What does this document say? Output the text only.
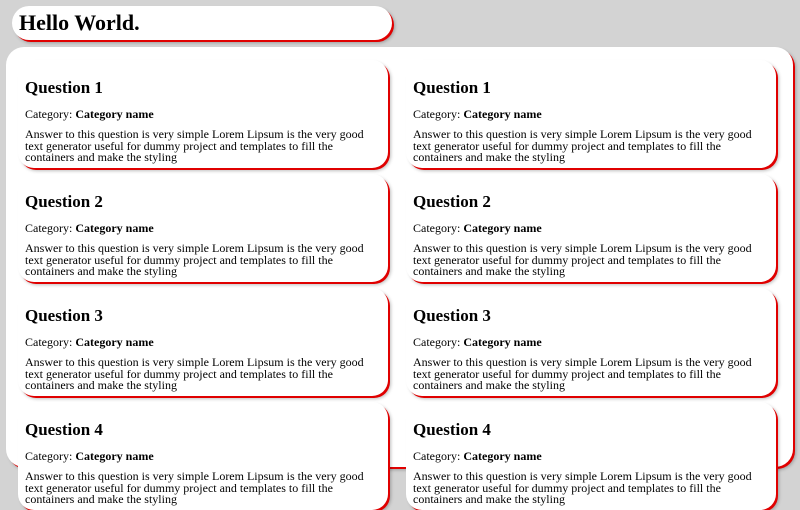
Hello World.
Question 1

Category: Category name

Answer to this question is very simple Lorem Lipsum is the very good text generator useful for dummy project and templates to fill the containers and make the styling

Question 1

Category: Category name

Answer to this question is very simple Lorem Lipsum is the very good text generator useful for dummy project and templates to fill the containers and make the styling

Question 2

Category: Category name

Answer to this question is very simple Lorem Lipsum is the very good text generator useful for dummy project and templates to fill the containers and make the styling

Question 2

Category: Category name

Answer to this question is very simple Lorem Lipsum is the very good text generator useful for dummy project and templates to fill the containers and make the styling

Question 3

Category: Category name

Answer to this question is very simple Lorem Lipsum is the very good text generator useful for dummy project and templates to fill the containers and make the styling

Question 3

Category: Category name

Answer to this question is very simple Lorem Lipsum is the very good text generator useful for dummy project and templates to fill the containers and make the styling

Question 4

Category: Category name

Answer to this question is very simple Lorem Lipsum is the very good text generator useful for dummy project and templates to fill the containers and make the styling

Question 4

Category: Category name

Answer to this question is very simple Lorem Lipsum is the very good text generator useful for dummy project and templates to fill the containers and make the styling
